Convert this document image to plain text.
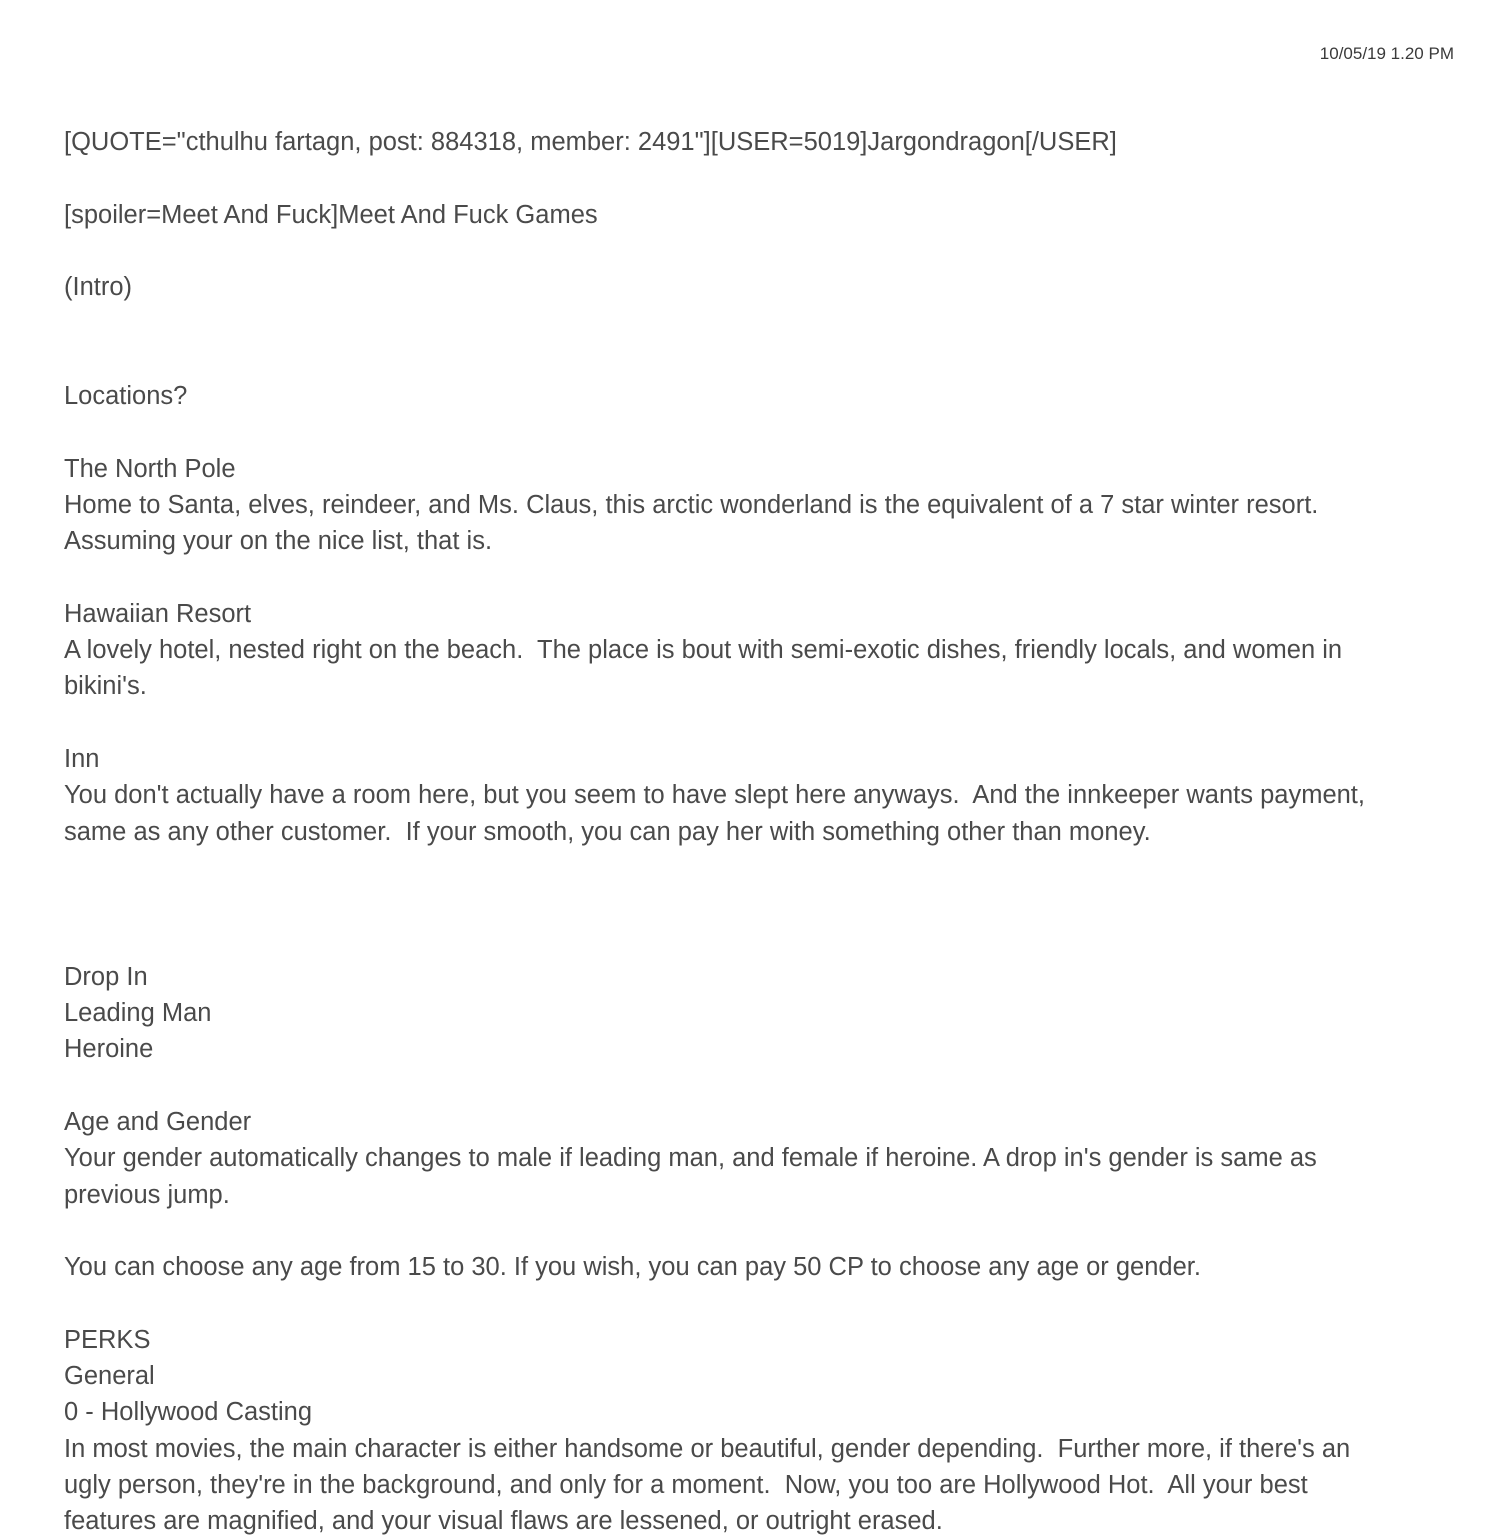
10/05/19 1.20 PM
[QUOTE="cthulhu fartagn, post: 884318, member: 2491"][USER=5019]Jargondragon[/USER]
[spoiler=Meet And Fuck]Meet And Fuck Games
(Intro)
Locations?
The North Pole
Home to Santa, elves, reindeer, and Ms. Claus, this arctic wonderland is the equivalent of a 7 star winter resort.
Assuming your on the nice list, that is.
Hawaiian Resort
A lovely hotel, nested right on the beach.  The place is bout with semi-exotic dishes, friendly locals, and women in
bikini's.
Inn
You don't actually have a room here, but you seem to have slept here anyways.  And the innkeeper wants payment,
same as any other customer.  If your smooth, you can pay her with something other than money.
Drop In
Leading Man
Heroine
Age and Gender
Your gender automatically changes to male if leading man, and female if heroine. A drop in's gender is same as
previous jump.
You can choose any age from 15 to 30. If you wish, you can pay 50 CP to choose any age or gender.
PERKS
General
0 - Hollywood Casting
In most movies, the main character is either handsome or beautiful, gender depending.  Further more, if there's an
ugly person, they're in the background, and only for a moment.  Now, you too are Hollywood Hot.  All your best
features are magnified, and your visual flaws are lessened, or outright erased.
